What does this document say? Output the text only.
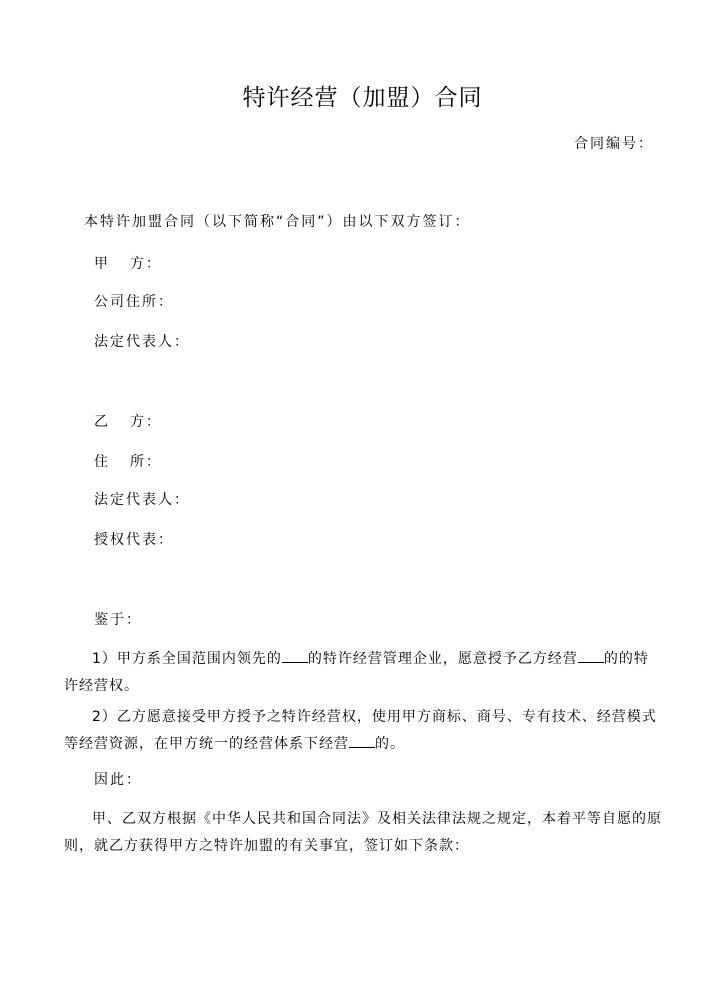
特许经营（加盟）合同
合同编号：
本特许加盟合同（以下简称“合同”）由以下双方签订：
甲 方：
公司住所：
法定代表人：
乙 方：
住 所：
法定代表人：
授权代表：
鉴于：
1）甲方系全国范围内领先的 的特许经营管理企业，愿意授予乙方经营 的的特许经营权。
2）乙方愿意接受甲方授予之特许经营权，使用甲方商标、商号、专有技术、经营模式等经营资源，在甲方统一的经营体系下经营 的。
因此：
甲、乙双方根据《中华人民共和国合同法》及相关法律法规之规定，本着平等自愿的原则，就乙方获得甲方之特许加盟的有关事宜，签订如下条款：
